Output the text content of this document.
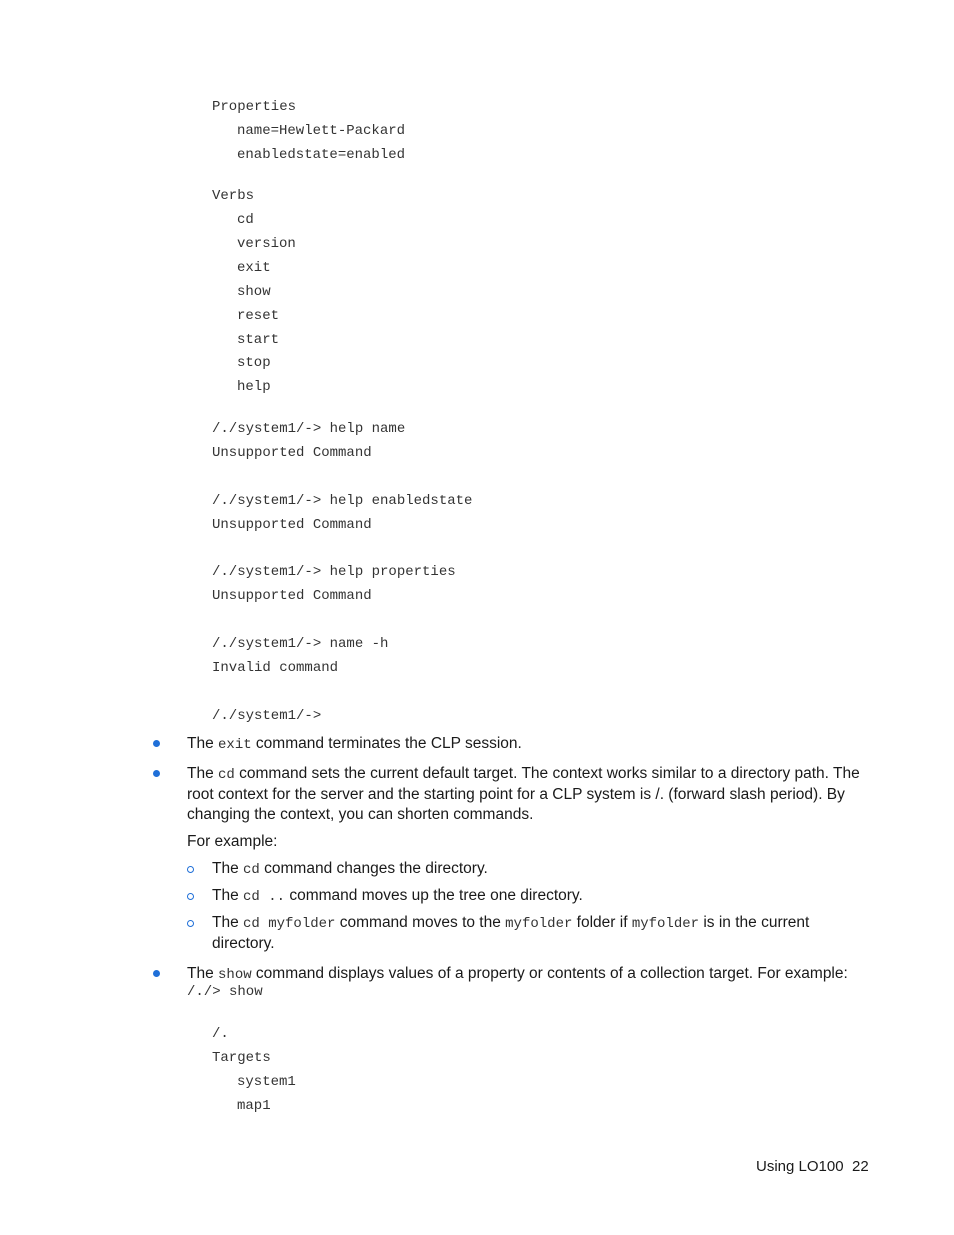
Properties
name=Hewlett-Packard
enabledstate=enabled
Verbs
cd
version
exit
show
reset
start
stop
help
/./system1/-> help name
Unsupported Command
/./system1/-> help enabledstate
Unsupported Command
/./system1/-> help properties
Unsupported Command
/./system1/-> name -h
Invalid command
/./system1/->
The exit command terminates the CLP session.
The cd command sets the current default target. The context works similar to a directory path. The
root context for the server and the starting point for a CLP system is /. (forward slash period). By
changing the context, you can shorten commands.
For example:
The cd command changes the directory.
The cd .. command moves up the tree one directory.
The cd myfolder command moves to the myfolder folder if myfolder is in the current
directory.
The show command displays values of a property or contents of a collection target. For example:
/./> show
/.
Targets
system1
map1
Using LO100 22
